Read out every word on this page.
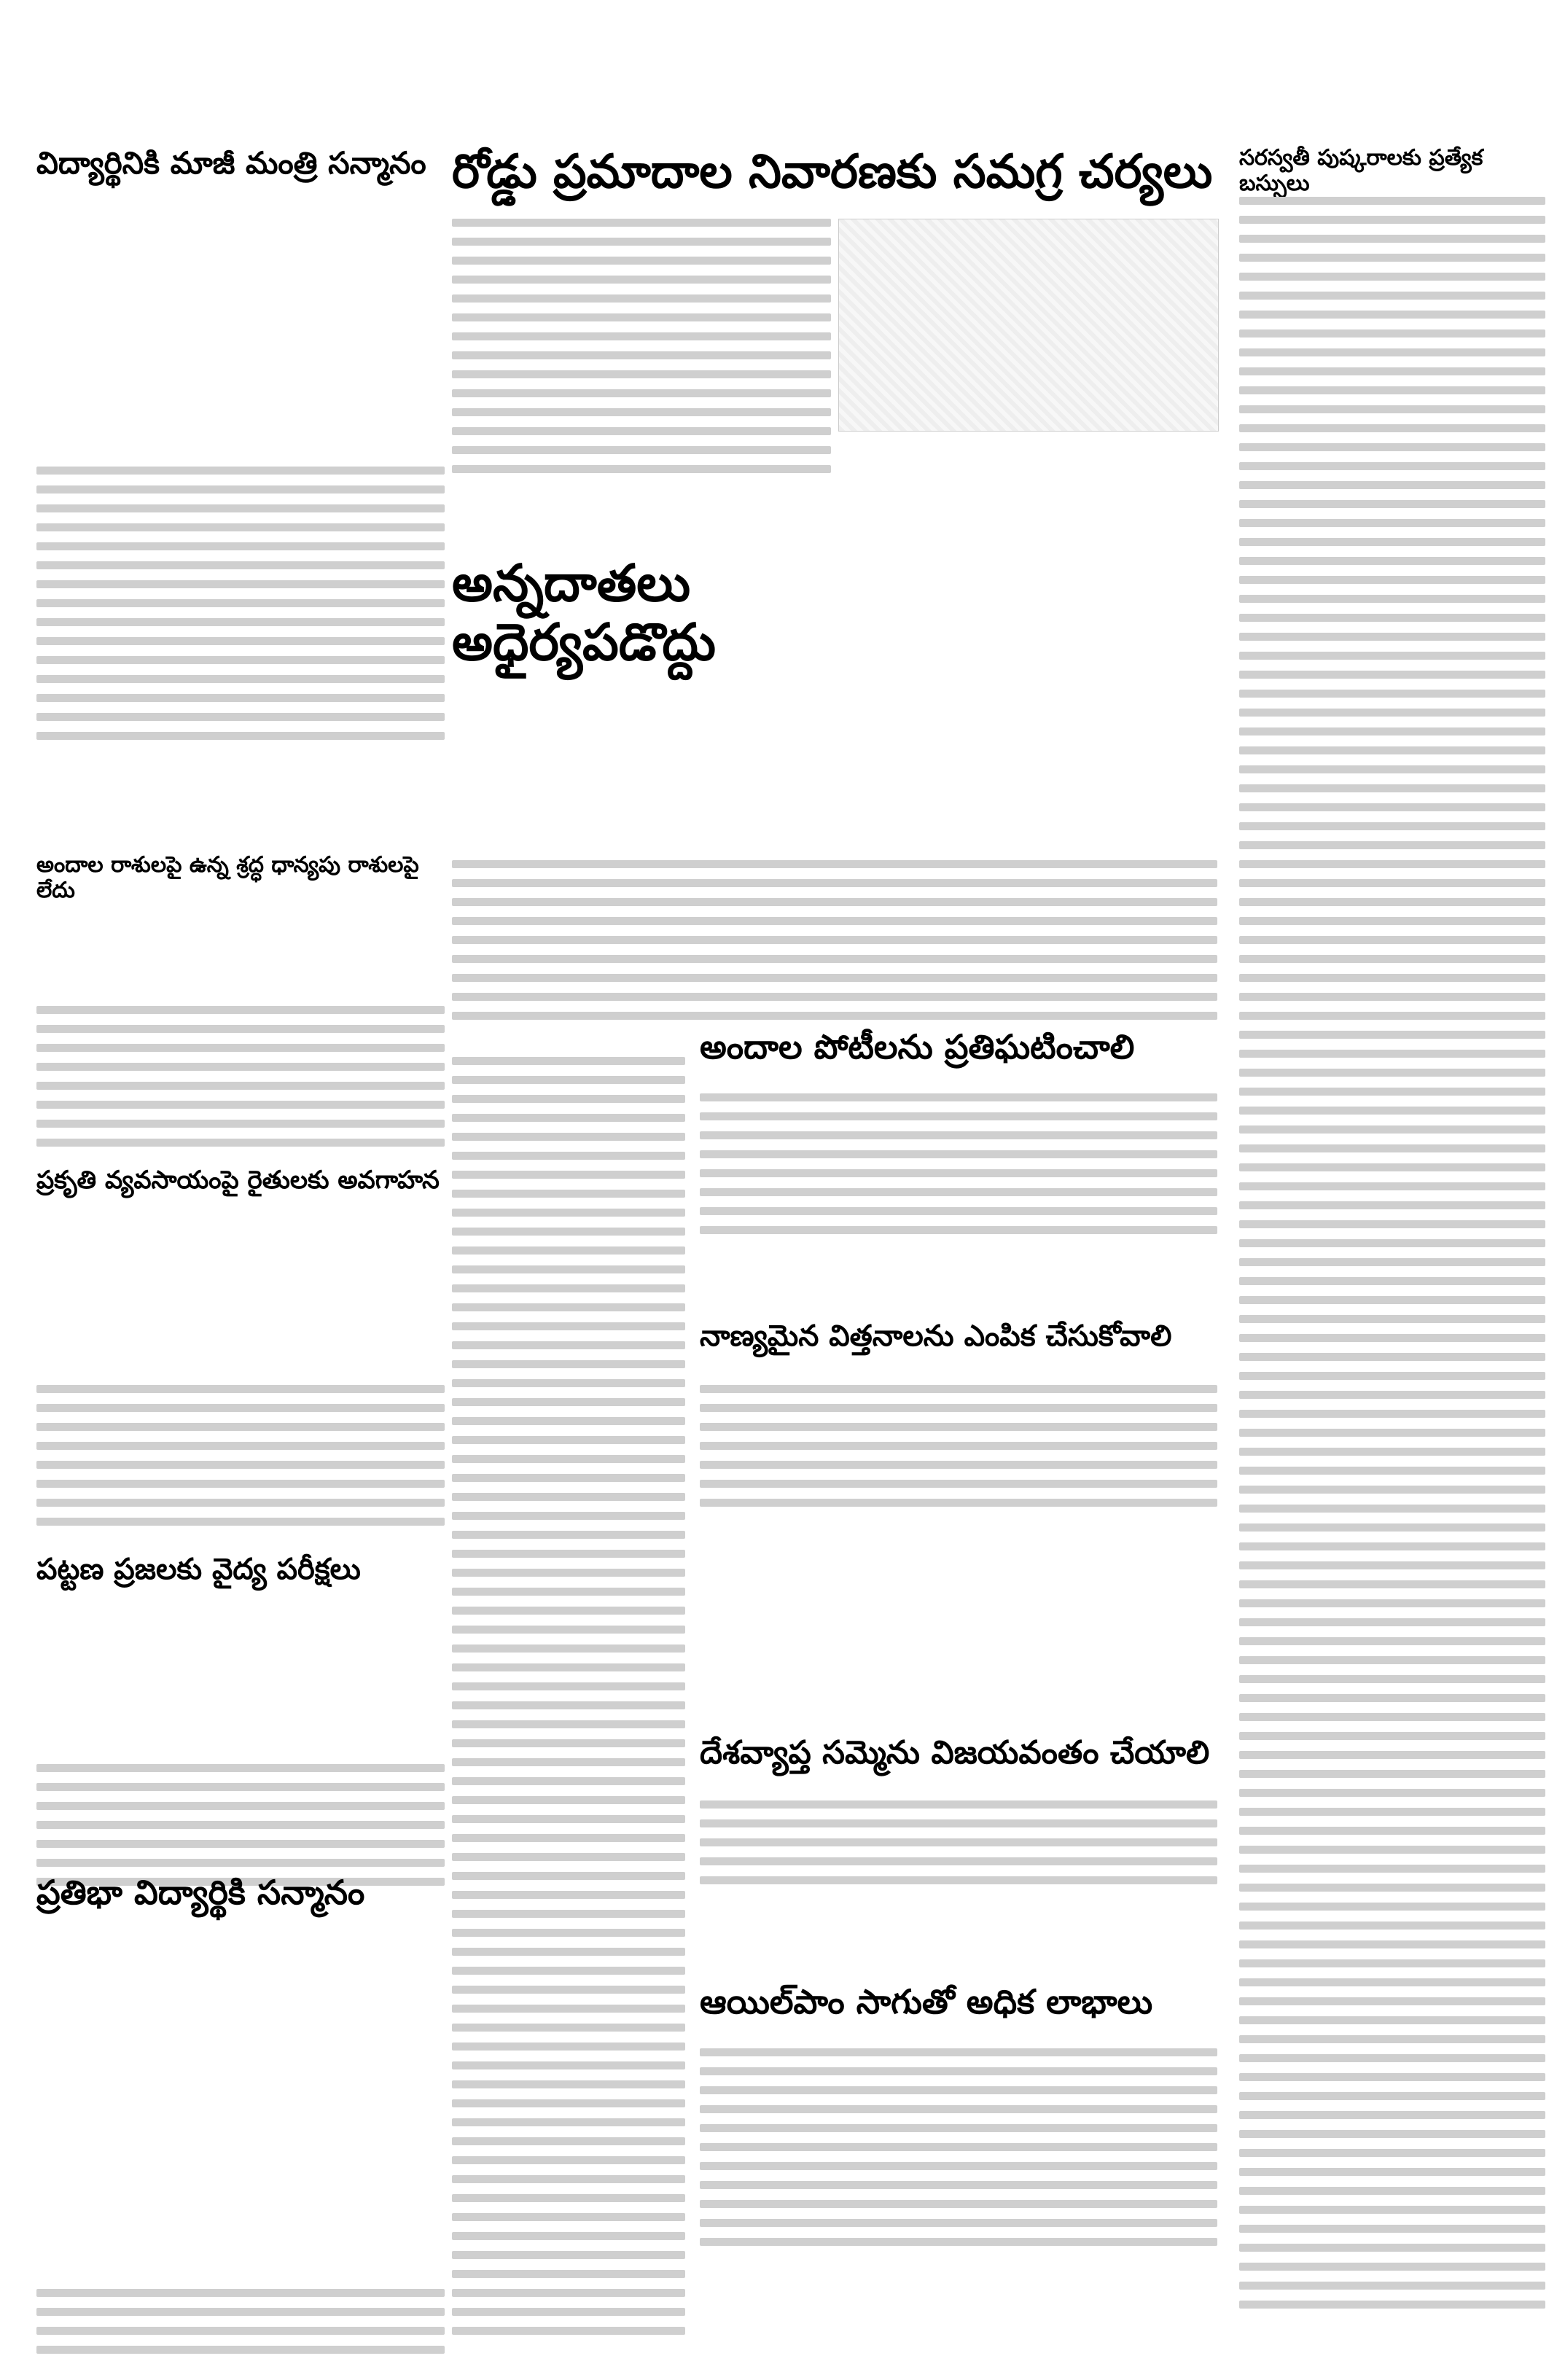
విద్యార్థినికి మాజీ మంత్రి సన్మానం
అందాల రాశులపై ఉన్న శ్రద్ధ ధాన్యపు రాశులపై లేదు
ప్రకృతి వ్యవసాయంపై రైతులకు అవగాహన
పట్టణ ప్రజలకు వైద్య పరీక్షలు
ప్రతిభా విద్యార్థికి సన్మానం
రోడ్డు ప్రమాదాల నివారణకు సమగ్ర చర్యలు
అన్నదాతలు అధైర్యపడొద్దు
అందాల పోటీలను ప్రతిఘటించాలి
నాణ్యమైన విత్తనాలను ఎంపిక చేసుకోవాలి
దేశవ్యాప్త సమ్మెను విజయవంతం చేయాలి
ఆయిల్‌పాం సాగుతో అధిక లాభాలు
సరస్వతీ పుష్కరాలకు ప్రత్యేక బస్సులు
